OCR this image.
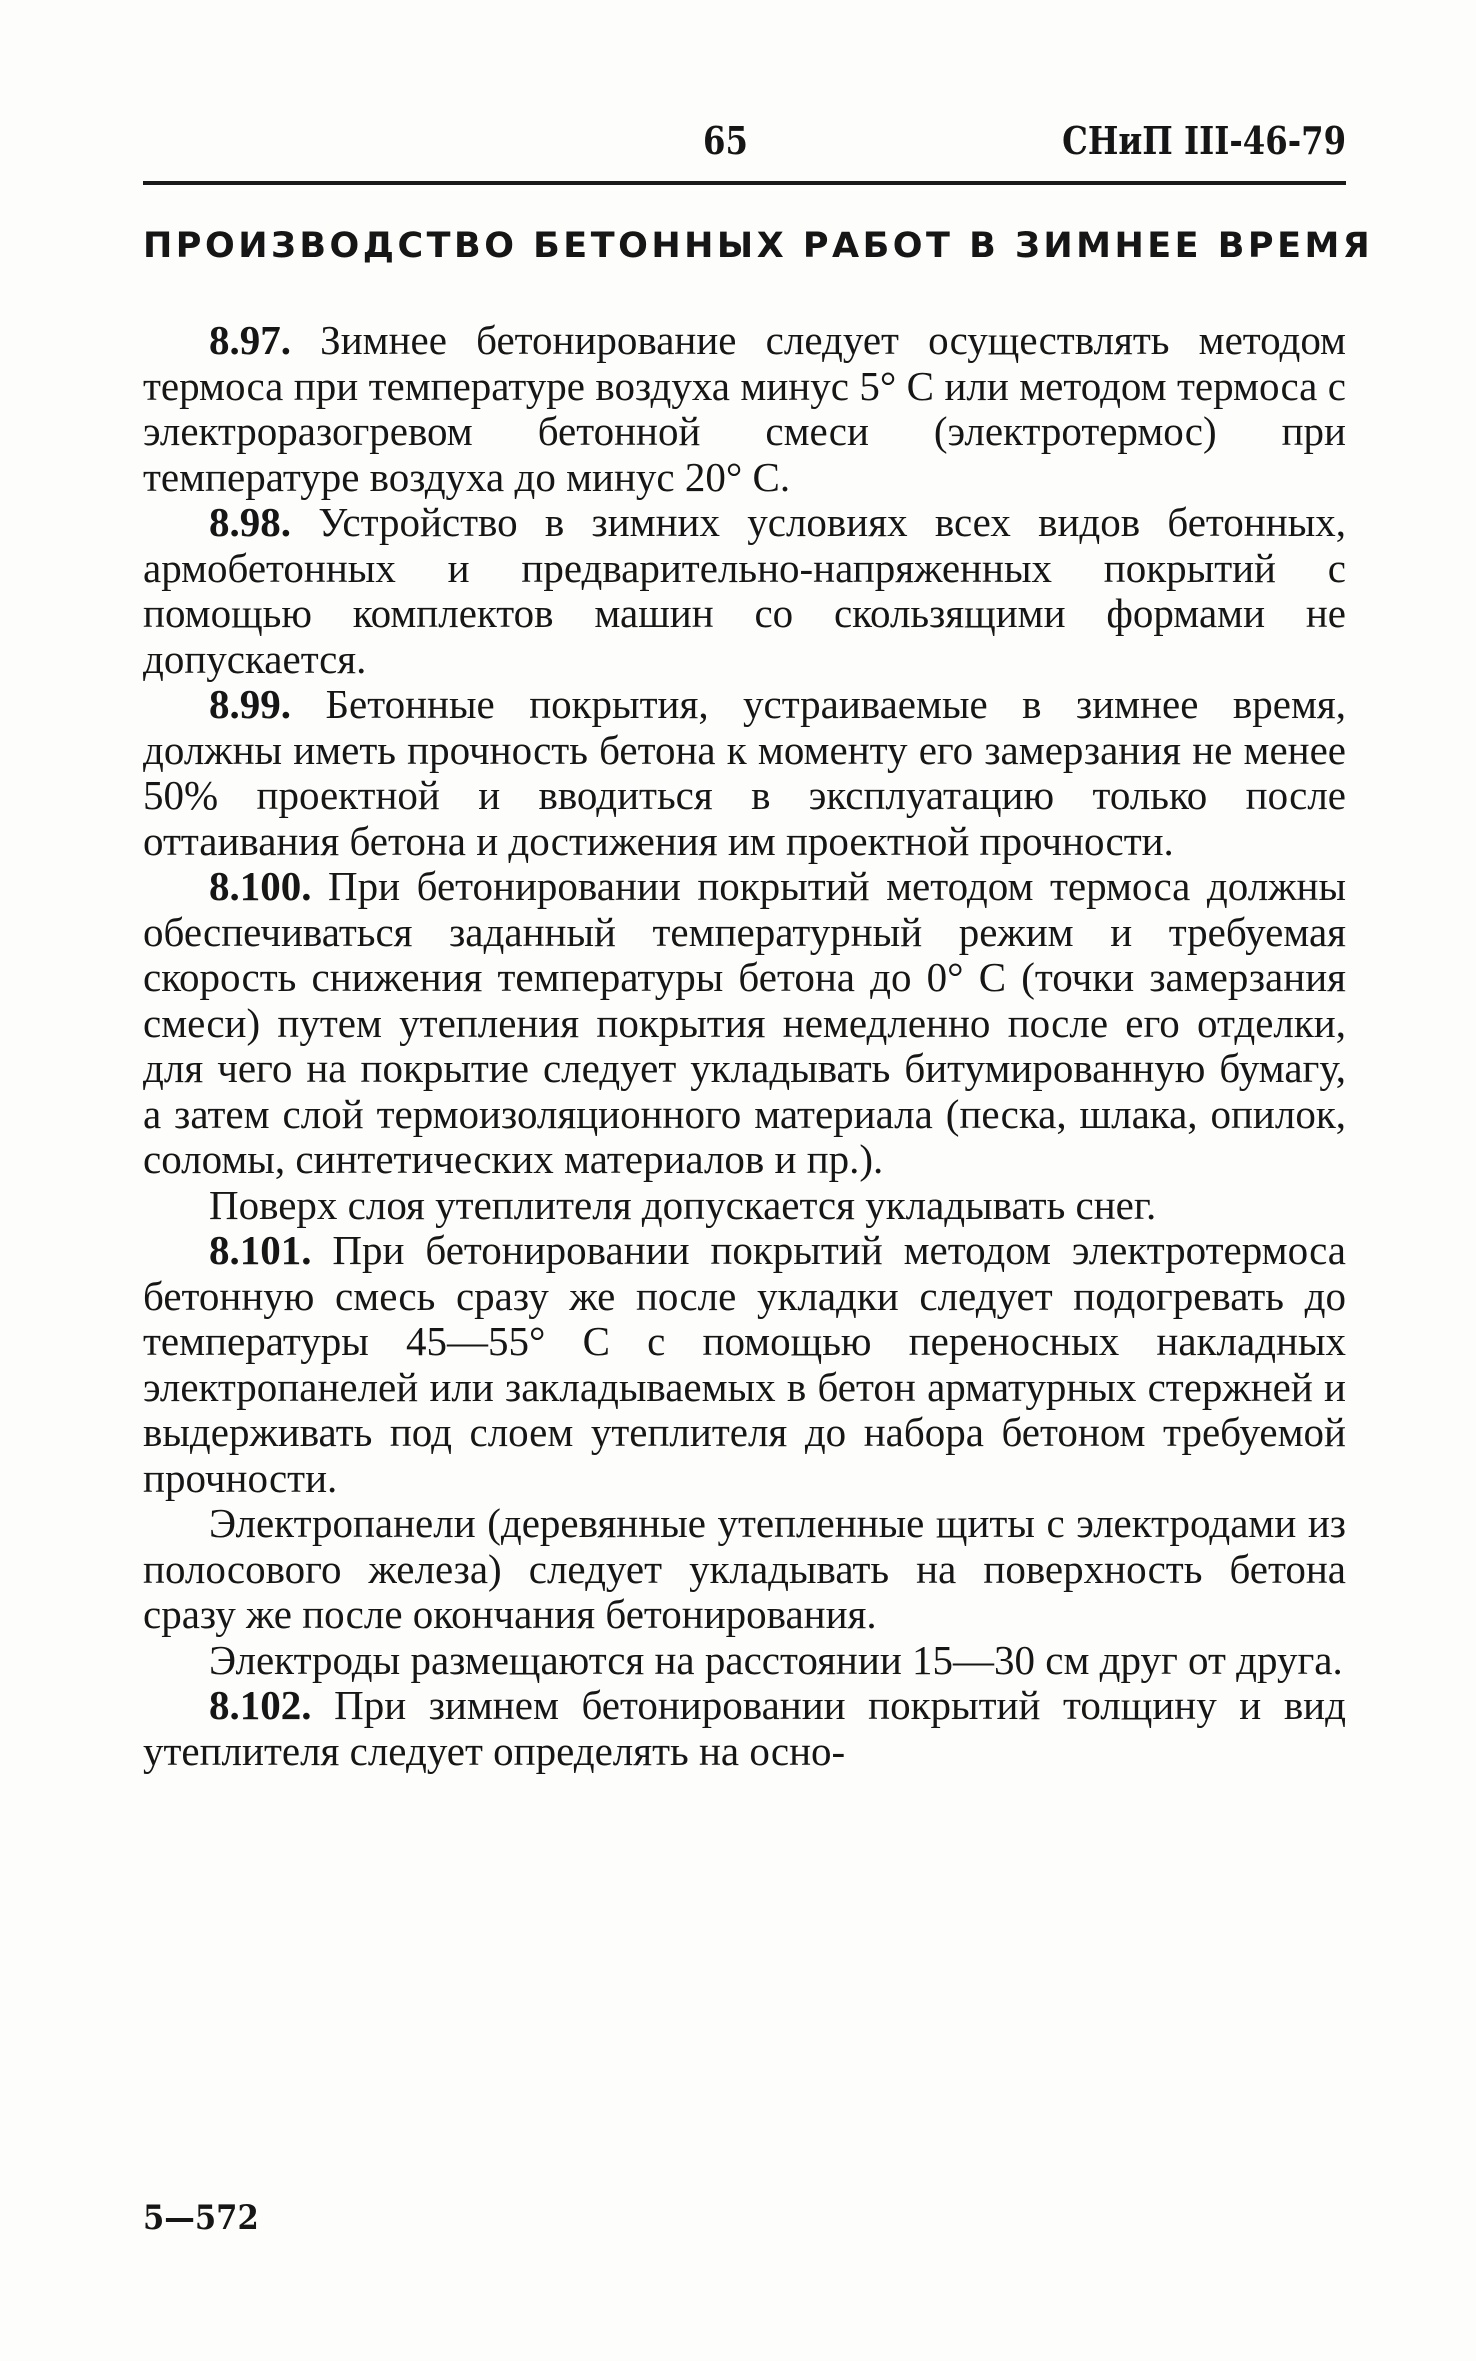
65	СНиП III-46-79
ПРОИЗВОДСТВО БЕТОННЫХ РАБОТ В ЗИМНЕЕ ВРЕМЯ

8.97. Зимнее бетонирование следует осуществлять методом термоса при температуре воздуха минус 5° С или методом термоса с электроразогревом бетонной смеси (электротермос) при температуре воздуха до минус 20° С.

8.98. Устройство в зимних условиях всех видов бетонных, армобетонных и предварительно-напряженных покрытий с помощью комплектов машин со скользящими формами не допускается.

8.99. Бетонные покрытия, устраиваемые в зимнее время, должны иметь прочность бетона к моменту его замерзания не менее 50% проектной и вводиться в эксплуатацию только после оттаивания бетона и достижения им проектной прочности.

8.100. При бетонировании покрытий методом термоса должны обеспечиваться заданный температурный режим и требуемая скорость снижения температуры бетона до 0° С (точки замерзания смеси) путем утепления покрытия немедленно после его отделки, для чего на покрытие следует укладывать битумированную бумагу, а затем слой термоизоляционного материала (песка, шлака, опилок, соломы, синтетических материалов и пр.).

Поверх слоя утеплителя допускается укладывать снег.

8.101. При бетонировании покрытий методом электротермоса бетонную смесь сразу же после укладки следует подогревать до температуры 45—55° С с помощью переносных накладных электропанелей или закладываемых в бетон арматурных стержней и выдерживать под слоем утеплителя до набора бетоном требуемой прочности.

Электропанели (деревянные утепленные щиты с электродами из полосового железа) следует укладывать на поверхность бетона сразу же после окончания бетонирования.

Электроды размещаются на расстоянии 15—30 см друг от друга.

8.102. При зимнем бетонировании покрытий толщину и вид утеплителя следует определять на осно-

5—572
